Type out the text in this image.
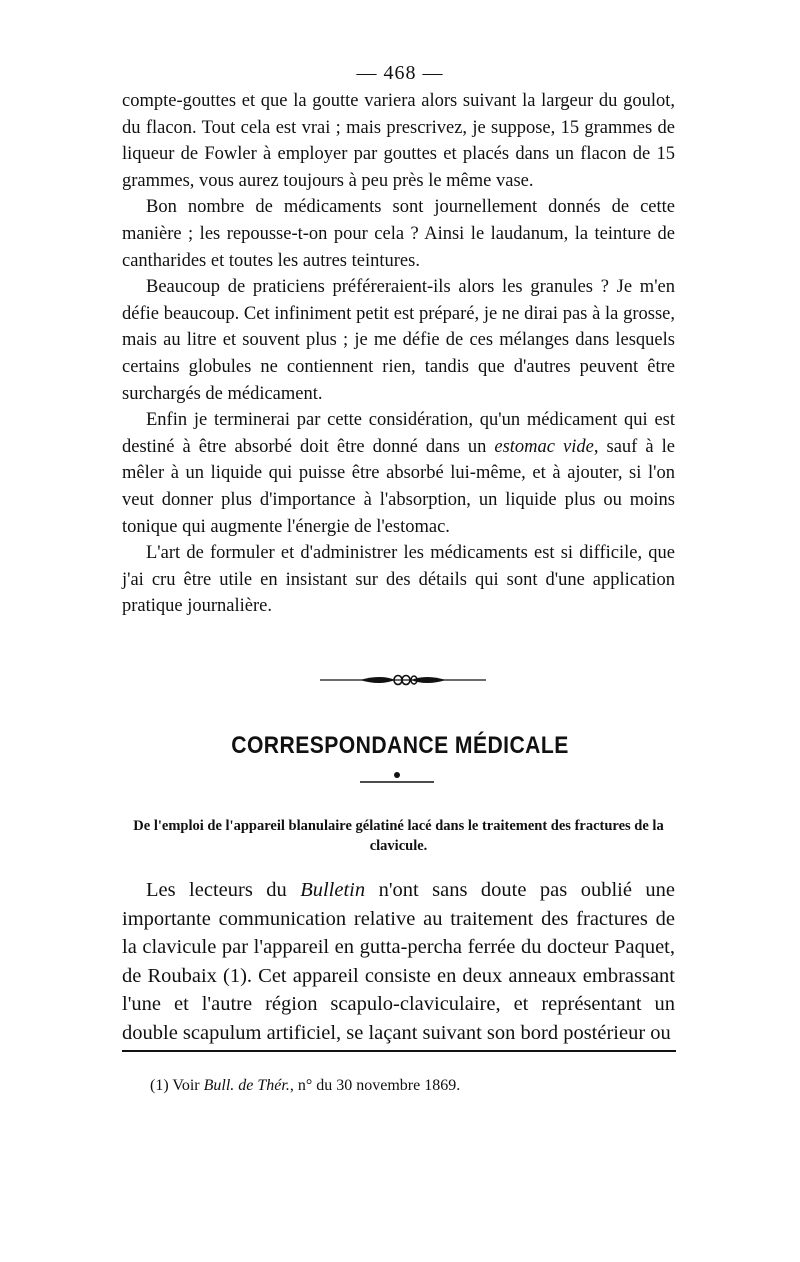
— 468 —

compte-gouttes et que la goutte variera alors suivant la largeur du goulot, du flacon. Tout cela est vrai ; mais prescrivez, je suppose, 15 grammes de liqueur de Fowler à employer par gouttes et placés dans un flacon de 15 grammes, vous aurez toujours à peu près le même vase.

Bon nombre de médicaments sont journellement donnés de cette manière ; les repousse-t-on pour cela ? Ainsi le laudanum, la teinture de cantharides et toutes les autres teintures.

Beaucoup de praticiens préféreraient-ils alors les granules ? Je m'en défie beaucoup. Cet infiniment petit est préparé, je ne dirai pas à la grosse, mais au litre et souvent plus ; je me défie de ces mélanges dans lesquels certains globules ne contiennent rien, tandis que d'autres peuvent être surchargés de médicament.

Enfin je terminerai par cette considération, qu'un médicament qui est destiné à être absorbé doit être donné dans un estomac vide, sauf à le mêler à un liquide qui puisse être absorbé lui-même, et à ajouter, si l'on veut donner plus d'importance à l'absorption, un liquide plus ou moins tonique qui augmente l'énergie de l'estomac.

L'art de formuler et d'administrer les médicaments est si difficile, que j'ai cru être utile en insistant sur des détails qui sont d'une application pratique journalière.

CORRESPONDANCE MÉDICALE
De l'emploi de l'appareil blanulaire gélatiné lacé dans le traitement des fractures de la clavicule.

Les lecteurs du Bulletin n'ont sans doute pas oublié une importante communication relative au traitement des fractures de la clavicule par l'appareil en gutta-percha ferrée du docteur Paquet, de Roubaix (1). Cet appareil consiste en deux anneaux embrassant l'une et l'autre région scapulo-claviculaire, et représentant un double scapulum artificiel, se laçant suivant son bord postérieur ou

(1) Voir Bull. de Thér., n° du 30 novembre 1869.
